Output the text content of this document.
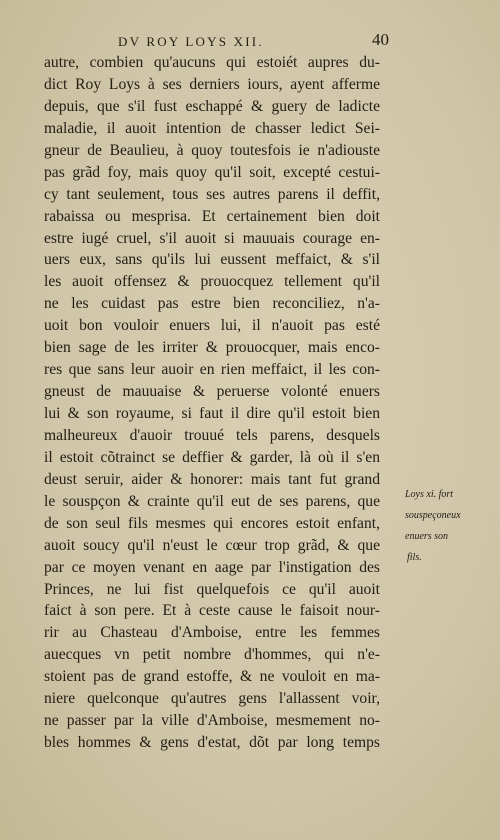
DV ROY LOYS XII.	40
autre, combien qu'aucuns qui estoiét aupres du-
dict Roy Loys à ses derniers iours, ayent afferme
depuis, que s'il fust eschappé & guery de ladicte
maladie, il auoit intention de chasser ledict Sei-
gneur de Beaulieu, à quoy toutesfois ie n'adiouste
pas grãd foy, mais quoy qu'il soit, excepté cestui-
cy tant seulement, tous ses autres parens il deffit,
rabaissa ou mesprisa. Et certainement bien doit
estre iugé cruel, s'il auoit si mauuais courage en-
uers eux, sans qu'ils lui eussent meffaict, & s'il
les auoit offensez & prouocquez tellement qu'il
ne les cuidast pas estre bien reconciliez, n'a-
uoit bon vouloir enuers lui, il n'auoit pas esté
bien sage de les irriter & prouocquer, mais enco-
res que sans leur auoir en rien meffaict, il les con-
gneust de mauuaise & peruerse volonté enuers
lui & son royaume, si faut il dire qu'il estoit bien
malheureux d'auoir trouué tels parens, desquels
il estoit cõtrainct se deffier & garder, là où il s'en
deust seruir, aider & honorer: mais tant fut grand
le souspçon & crainte qu'il eut de ses parens, que
de son seul fils mesmes qui encores estoit enfant,
auoit soucy qu'il n'eust le cœur trop grãd, & que
par ce moyen venant en aage par l'instigation des
Princes, ne lui fist quelquefois ce qu'il auoit
faict à son pere. Et à ceste cause le faisoit nour-
rir au Chasteau d'Amboise, entre les femmes
auecques vn petit nombre d'hommes, qui n'e-
stoient pas de grand estoffe, & ne vouloit en ma-
niere quelconque qu'autres gens l'allassent voir,
ne passer par la ville d'Amboise, mesmement no-
bles hommes & gens d'estat, dõt par long temps
Loys xi. fort
souspeçoneux
enuers son
fils.
